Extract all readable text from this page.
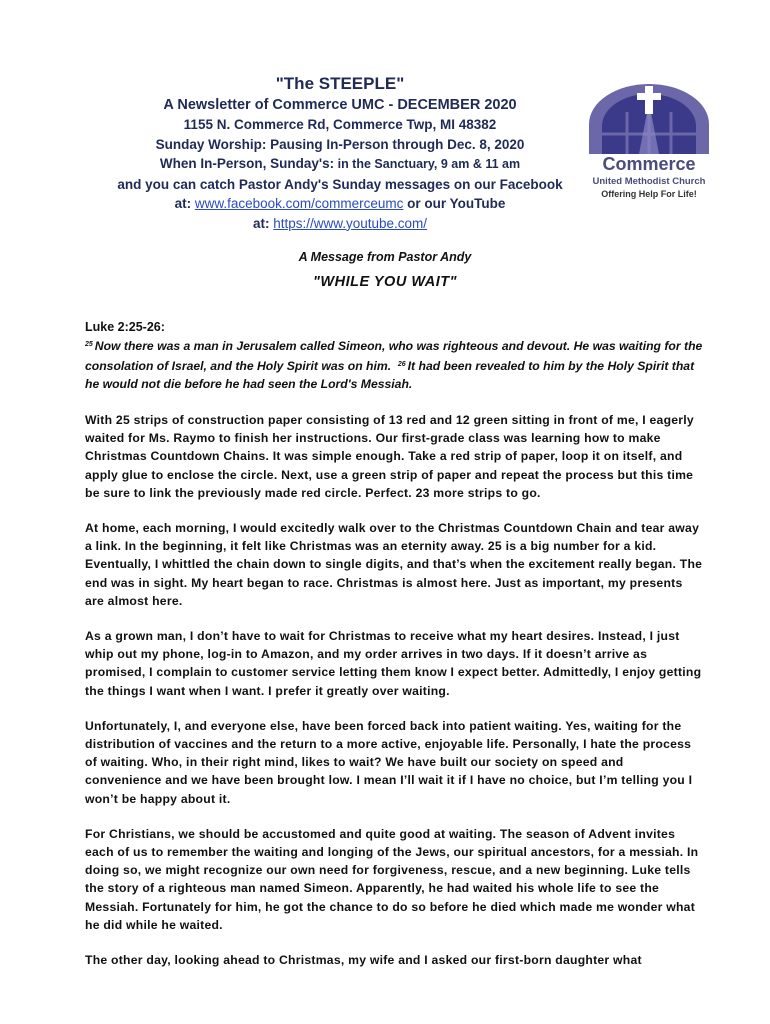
"The STEEPLE"
A Newsletter of Commerce UMC - DECEMBER 2020
1155 N. Commerce Rd, Commerce Twp, MI 48382
Sunday Worship: Pausing In-Person through Dec. 8, 2020
When In-Person, Sunday's: in the Sanctuary, 9 am & 11 am
and you can catch Pastor Andy's Sunday messages on our Facebook
at: www.facebook.com/commerceumc or our YouTube
at: https://www.youtube.com/
Commerce
United Methodist Church
Offering Help For Life!
A Message from Pastor Andy
"WHILE YOU WAIT"
Luke 2:25-26:
$^{25}$ Now there was a man in Jerusalem called Simeon, who was righteous and devout. He was waiting for the consolation of Israel, and the Holy Spirit was on him. $^{26}$ It had been revealed to him by the Holy Spirit that he would not die before he had seen the Lord's Messiah.

With 25 strips of construction paper consisting of 13 red and 12 green sitting in front of me, I eagerly waited for Ms. Raymo to finish her instructions. Our first-grade class was learning how to make Christmas Countdown Chains. It was simple enough. Take a red strip of paper, loop it on itself, and apply glue to enclose the circle. Next, use a green strip of paper and repeat the process but this time be sure to link the previously made red circle. Perfect. 23 more strips to go.

At home, each morning, I would excitedly walk over to the Christmas Countdown Chain and tear away a link. In the beginning, it felt like Christmas was an eternity away. 25 is a big number for a kid. Eventually, I whittled the chain down to single digits, and that’s when the excitement really began. The end was in sight. My heart began to race. Christmas is almost here. Just as important, my presents are almost here.

As a grown man, I don’t have to wait for Christmas to receive what my heart desires. Instead, I just whip out my phone, log-in to Amazon, and my order arrives in two days. If it doesn’t arrive as promised, I complain to customer service letting them know I expect better. Admittedly, I enjoy getting the things I want when I want. I prefer it greatly over waiting.

Unfortunately, I, and everyone else, have been forced back into patient waiting. Yes, waiting for the distribution of vaccines and the return to a more active, enjoyable life. Personally, I hate the process of waiting. Who, in their right mind, likes to wait? We have built our society on speed and convenience and we have been brought low. I mean I’ll wait it if I have no choice, but I’m telling you I won’t be happy about it.

For Christians, we should be accustomed and quite good at waiting. The season of Advent invites each of us to remember the waiting and longing of the Jews, our spiritual ancestors, for a messiah. In doing so, we might recognize our own need for forgiveness, rescue, and a new beginning. Luke tells the story of a righteous man named Simeon. Apparently, he had waited his whole life to see the Messiah. Fortunately for him, he got the chance to do so before he died which made me wonder what he did while he waited.

The other day, looking ahead to Christmas, my wife and I asked our first-born daughter what
